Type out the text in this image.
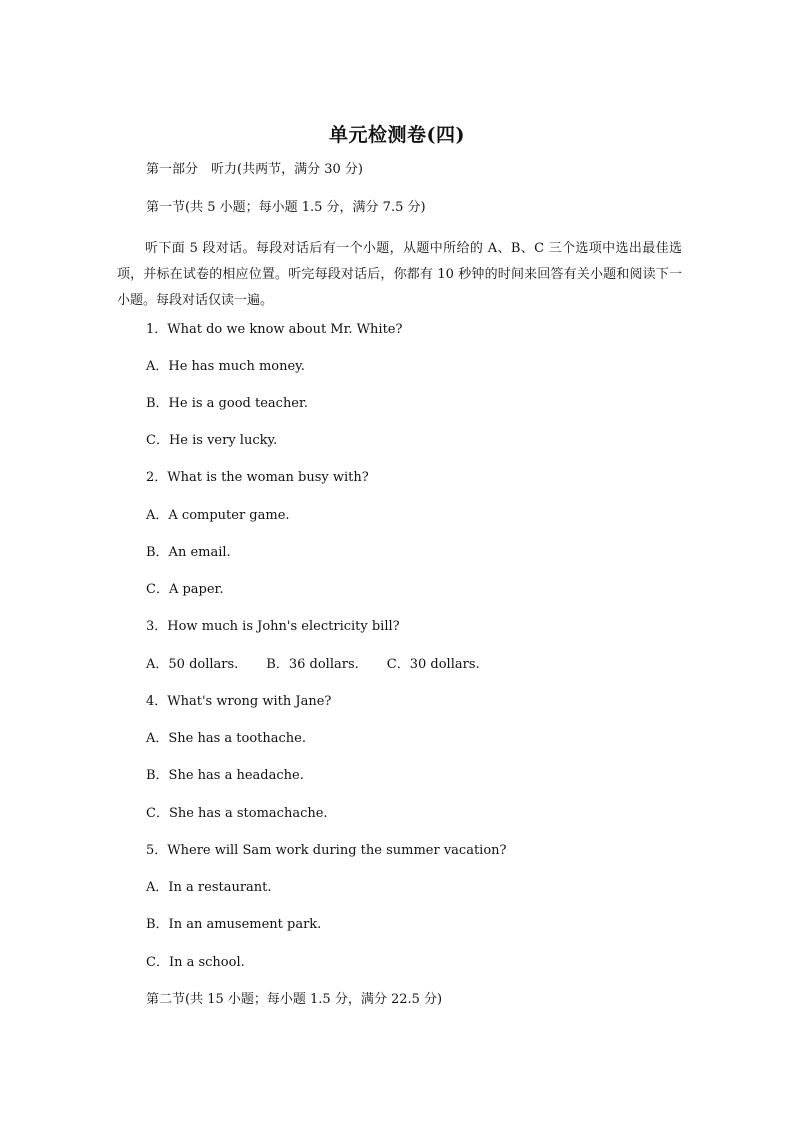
单元检测卷(四)
第一部分　听力(共两节，满分 30 分)
第一节(共 5 小题；每小题 1.5 分，满分 7.5 分)
听下面 5 段对话。每段对话后有一个小题，从题中所给的 A、B、C 三个选项中选出最佳选项，并标在试卷的相应位置。听完每段对话后，你都有 10 秒钟的时间来回答有关小题和阅读下一小题。每段对话仅读一遍。
1．What do we know about Mr. White?
A．He has much money.
B．He is a good teacher.
C．He is very lucky.
2．What is the woman busy with?
A．A computer game.
B．An email.
C．A paper.
3．How much is John's electricity bill?
A．50 dollars. B．36 dollars. C．30 dollars.
4．What's wrong with Jane?
A．She has a toothache.
B．She has a headache.
C．She has a stomachache.
5．Where will Sam work during the summer vacation?
A．In a restaurant.
B．In an amusement park.
C．In a school.
第二节(共 15 小题；每小题 1.5 分，满分 22.5 分)
